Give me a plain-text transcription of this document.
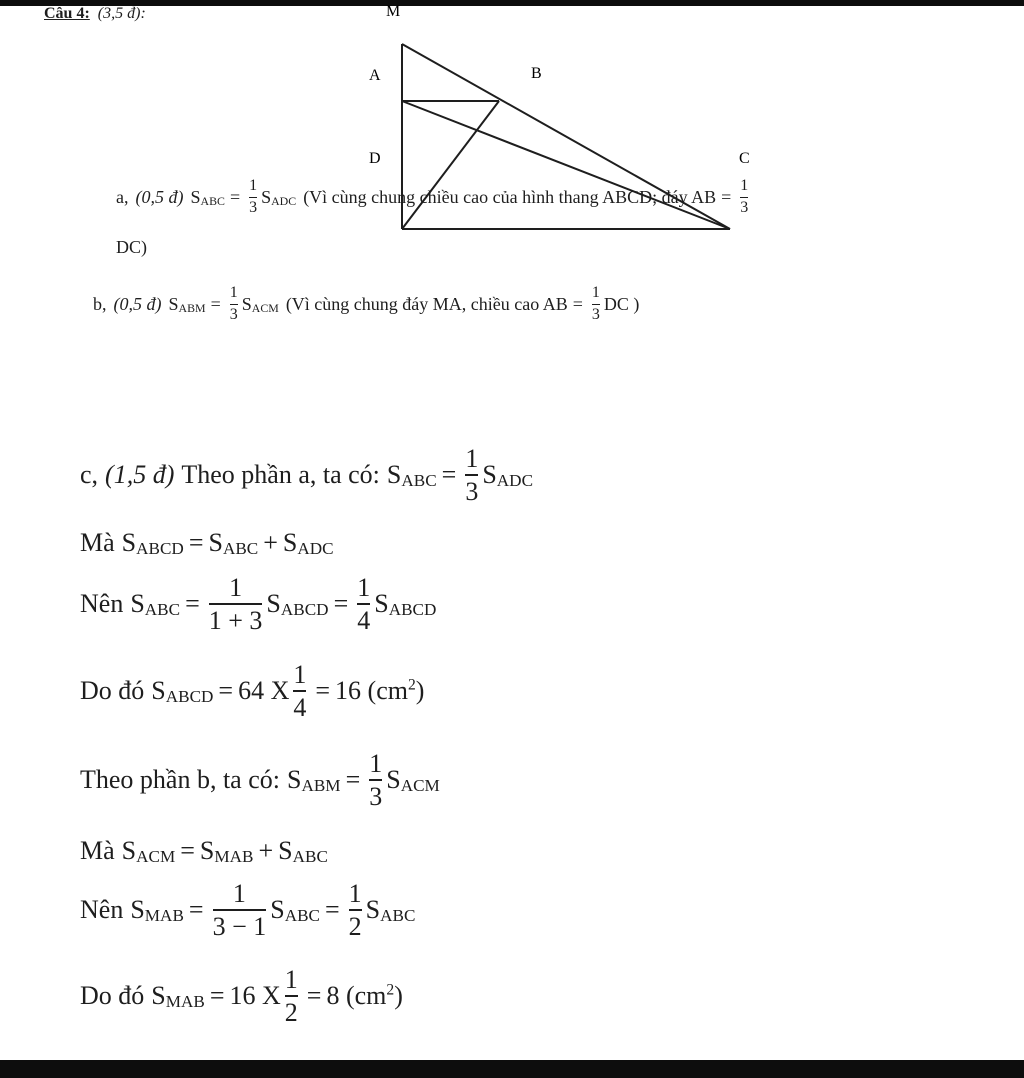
Câu 4: (3,5 đ):	M
A	B
D	C
a, (0,5 đ) SABC = $\frac{1}{3}$ SADC (Vì cùng chung chiều cao của hình thang ABCD; đáy AB = $\frac{1}{3}$
DC)
b, (0,5 đ) SABM = $\frac{1}{3}$ SACM (Vì cùng chung đáy MA, chiều cao AB = $\frac{1}{3}$ DC )
c, (1,5 đ) Theo phần a, ta có: SABC = $\frac{1}{3}$ SADC
Mà SABCD = SABC + SADC
Nên SABC = $\frac{1}{1 + 3}$ SABCD = $\frac{1}{4}$ SABCD
Do đó SABCD = 64 X $\frac{1}{4} = 16$ $(cm^2)$
Theo phần b, ta có: SABM = $\frac{1}{3}$ SACM
Mà SACM = SMAB + SABC
Nên SMAB = $\frac{1}{3 - 1}$ SABC = $\frac{1}{2}$ SABC
Do đó SMAB = 16 X $\frac{1}{2} = 8$ $(cm^2)$
